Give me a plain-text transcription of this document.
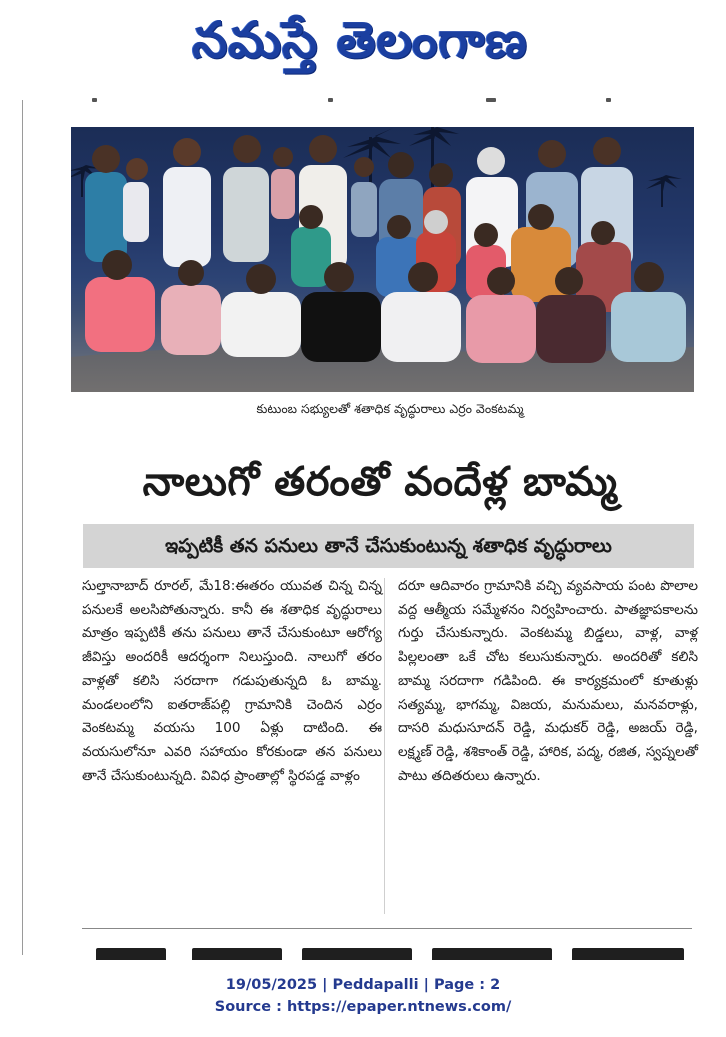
నమస్తే తెలంగాణ
కుటుంబ సభ్యులతో శతాధిక వృద్ధురాలు ఎర్రం వెంకటమ్మ
నాలుగో తరంతో వందేళ్ల బామ్మ
ఇప్పటికీ తన పనులు తానే చేసుకుంటున్న శతాధిక వృద్ధురాలు

సుల్తానాబాద్ రూరల్, మే18:ఈతరం యువత చిన్న చిన్న పనులకే అలసిపోతున్నారు. కానీ ఈ శతాధిక వృద్ధురాలు మాత్రం ఇప్పటికీ తను పనులు తానే చేసుకుంటూ ఆరోగ్య జీవిస్తు అందరికీ ఆదర్శంగా నిలుస్తుంది. నాలుగో తరం వాళ్లతో కలిసి సరదాగా గడుపుతున్నది ఓ బామ్మ. మండలంలోని ఐతరాజ్‌పల్లి గ్రామానికి చెందిన ఎర్రం వెంకటమ్మ వయసు 100 ఏళ్లు దాటింది. ఈ వయసులోనూ ఎవరి సహాయం కోరకుండా తన పనులు తానే చేసుకుంటున్నది. వివిధ ప్రాంతాల్లో స్థిరపడ్డ వాళ్లం

దరూ ఆదివారం గ్రామానికి వచ్చి వ్యవసాయ పంట పొలాల వద్ద ఆత్మీయ సమ్మేళనం నిర్వహించారు. పాతజ్ఞాపకాలను గుర్తు చేసుకున్నారు. వెంకటమ్మ బిడ్డలు, వాళ్ల, వాళ్ల పిల్లలంతా ఒకే చోట కలుసుకున్నారు. అందరితో కలిసి బామ్మ సరదాగా గడిపింది. ఈ కార్యక్రమంలో కూతుళ్లు సత్యమ్మ, భాగమ్మ, విజయ, మనుమలు, మనవరాళ్లు, దాసరి మధుసూదన్ రెడ్డి, మధుకర్ రెడ్డి, అజయ్ రెడ్డి, లక్ష్మణ్ రెడ్డి, శశికాంత్ రెడ్డి, హారిక, పద్మ, రజిత, స్వప్నలతో పాటు తదితరులు ఉన్నారు.

19/05/2025 | Peddapalli | Page : 2
Source : https://epaper.ntnews.com/
